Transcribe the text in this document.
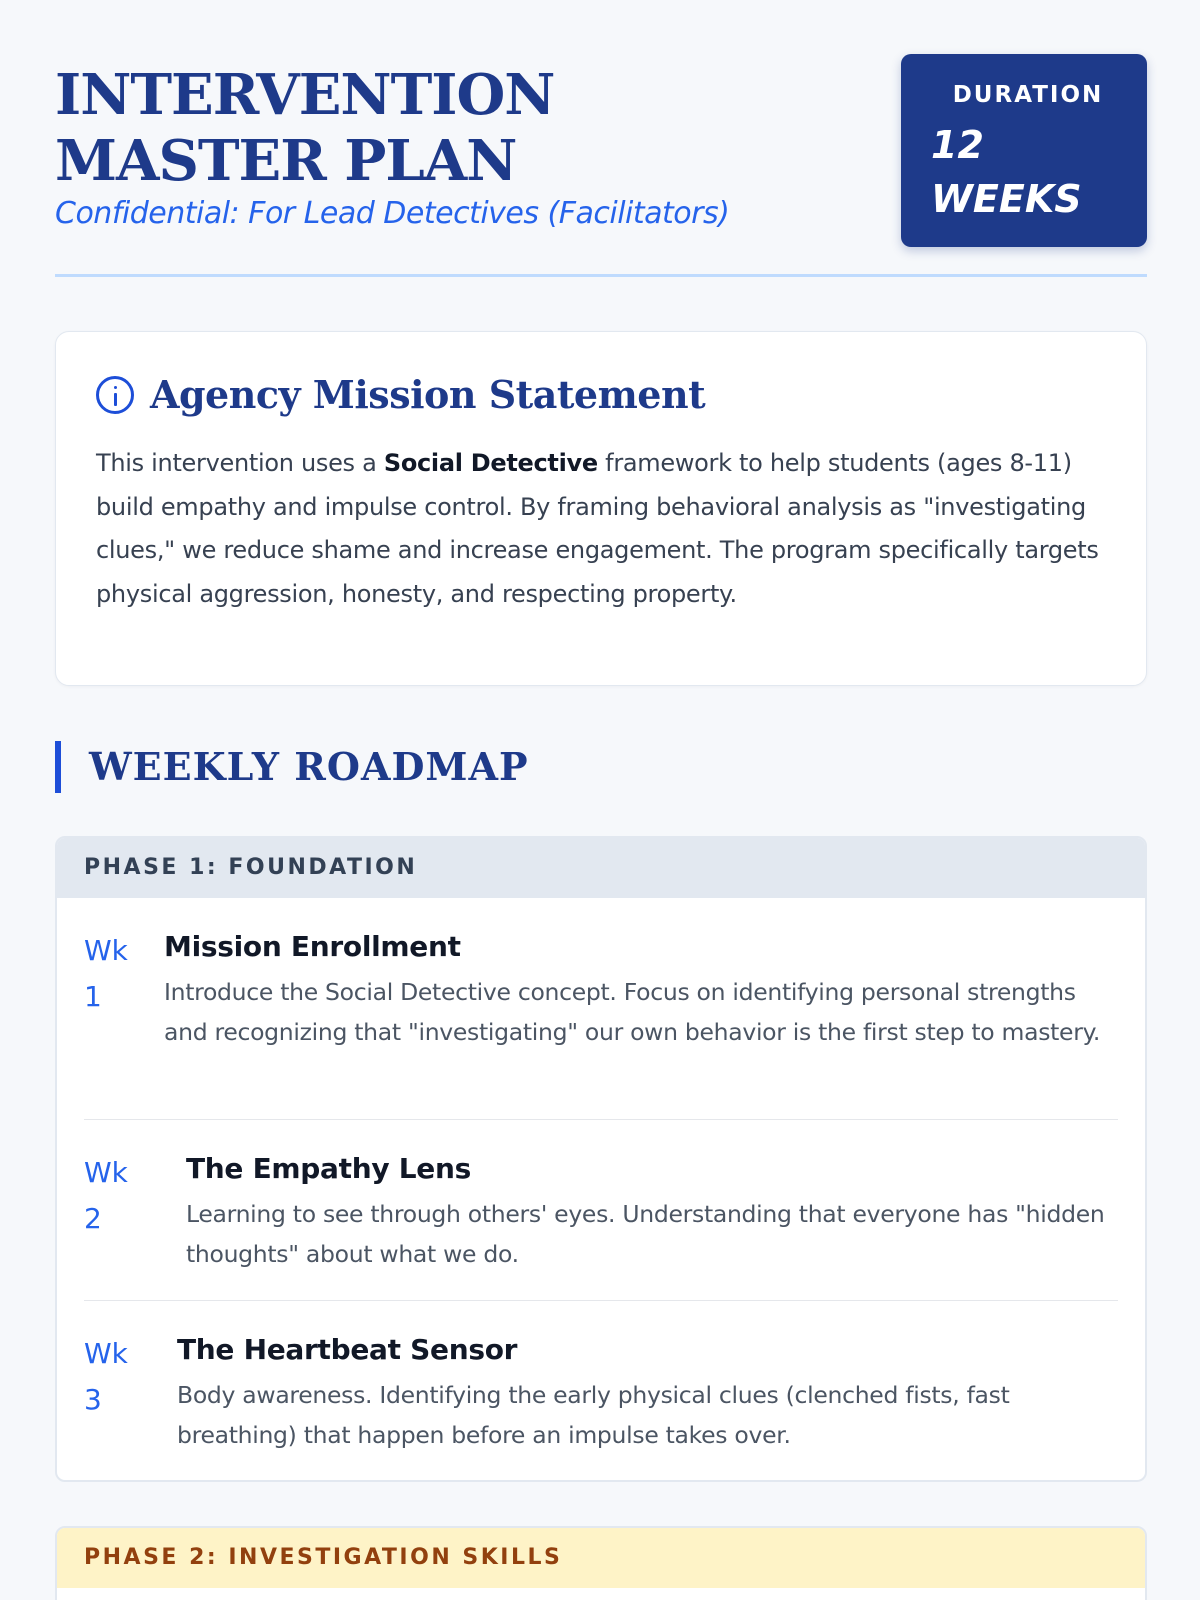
INTERVENTION MASTER PLAN
Confidential: For Lead Detectives (Facilitators)
DURATION
12 WEEKS
Agency Mission Statement

This intervention uses a Social Detective framework to help students (ages 8-11) build empathy and impulse control. By framing behavioral analysis as "investigating clues," we reduce shame and increase engagement. The program specifically targets physical aggression, honesty, and respecting property.

WEEKLY ROADMAP
PHASE 1: FOUNDATION
Wk 1
Mission Enrollment
Introduce the Social Detective concept. Focus on identifying personal strengths and recognizing that "investigating" our own behavior is the first step to mastery.
Wk 2
The Empathy Lens
Learning to see through others' eyes. Understanding that everyone has "hidden thoughts" about what we do.
Wk 3
The Heartbeat Sensor
Body awareness. Identifying the early physical clues (clenched fists, fast breathing) that happen before an impulse takes over.
PHASE 2: INVESTIGATION SKILLS
